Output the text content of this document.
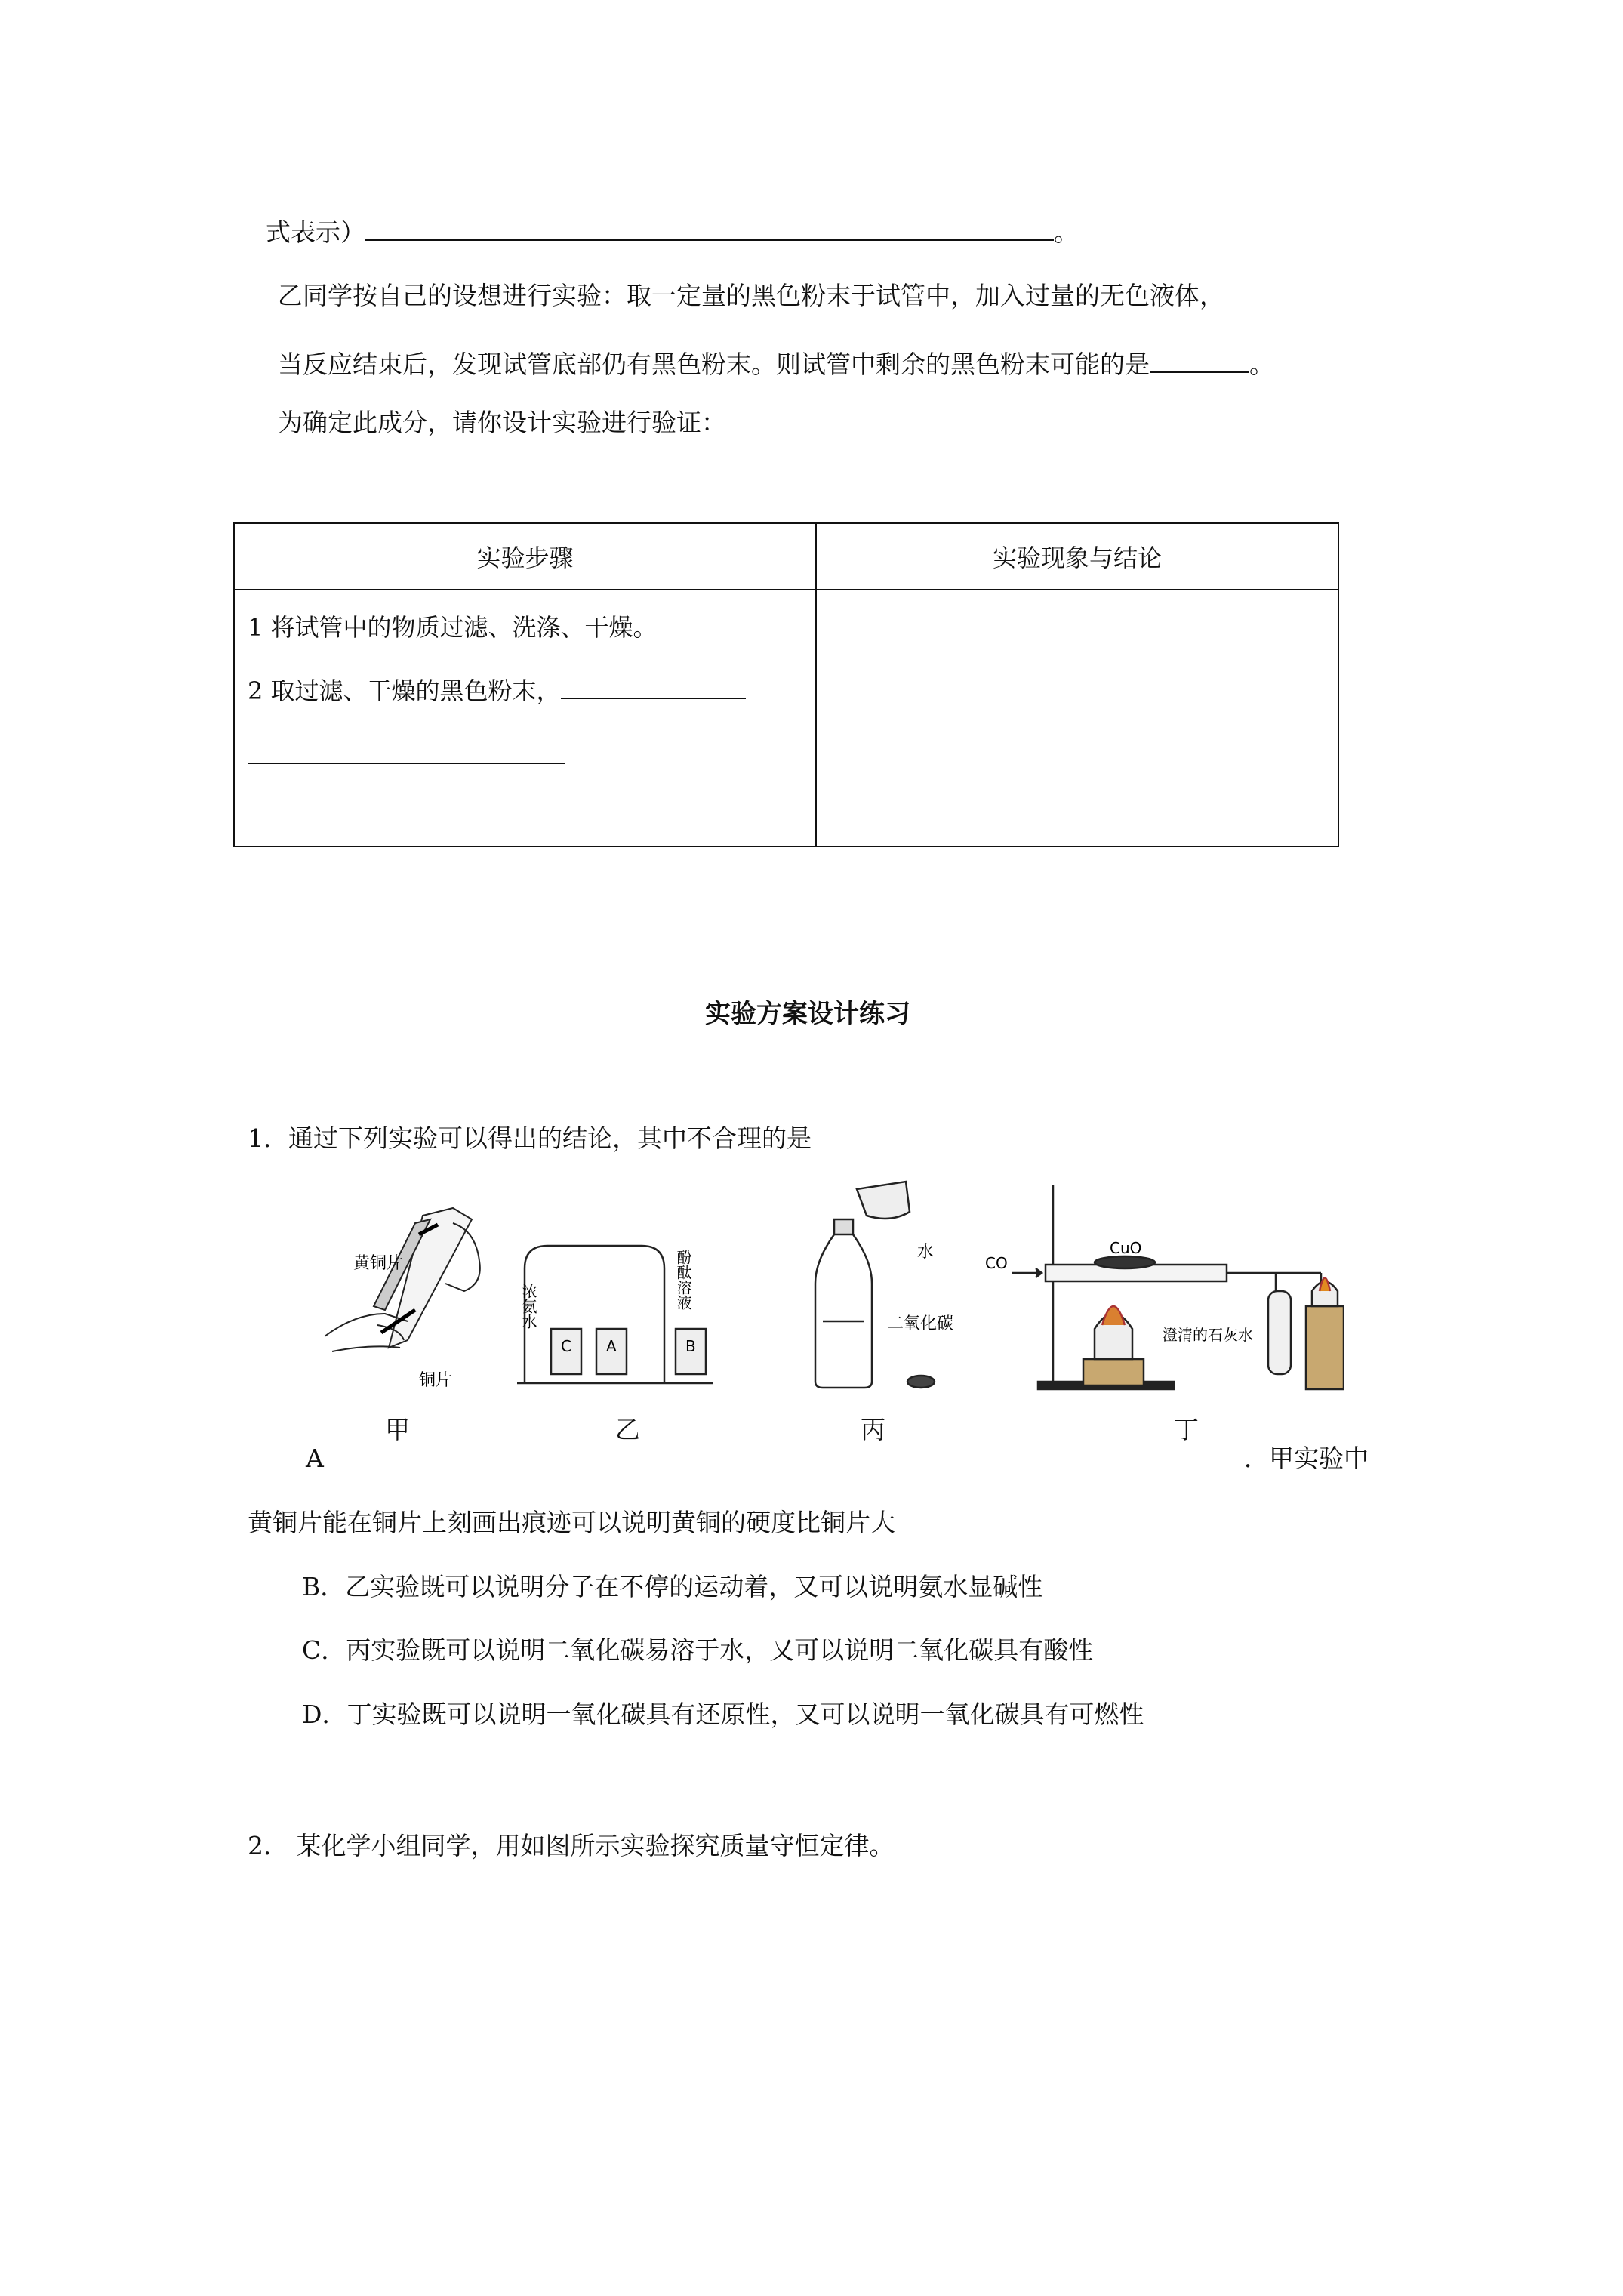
式表示）	。
乙同学按自己的设想进行实验：取一定量的黑色粉末于试管中，加入过量的无色液体，
当反应结束后，发现试管底部仍有黑色粉末。则试管中剩余的黑色粉末可能的是	。
为确定此成分，请你设计实验进行验证：
实验步骤	实验现象与结论

1 将试管中的物质过滤、洗涤、干燥。
2 取过滤、干燥的黑色粉末，
实验方案设计练习
1．通过下列实验可以得出的结论，其中不合理的是
黄铜片
铜片
浓氨水	酚酞溶液
C A	B
水
二氧化碳
CO
CuO
澄清的石灰水
甲	乙	丙	丁
A	．甲实验中
黄铜片能在铜片上刻画出痕迹可以说明黄铜的硬度比铜片大
B．乙实验既可以说明分子在不停的运动着，又可以说明氨水显碱性
C．丙实验既可以说明二氧化碳易溶于水，又可以说明二氧化碳具有酸性
D．丁实验既可以说明一氧化碳具有还原性，又可以说明一氧化碳具有可燃性
2． 某化学小组同学，用如图所示实验探究质量守恒定律。
